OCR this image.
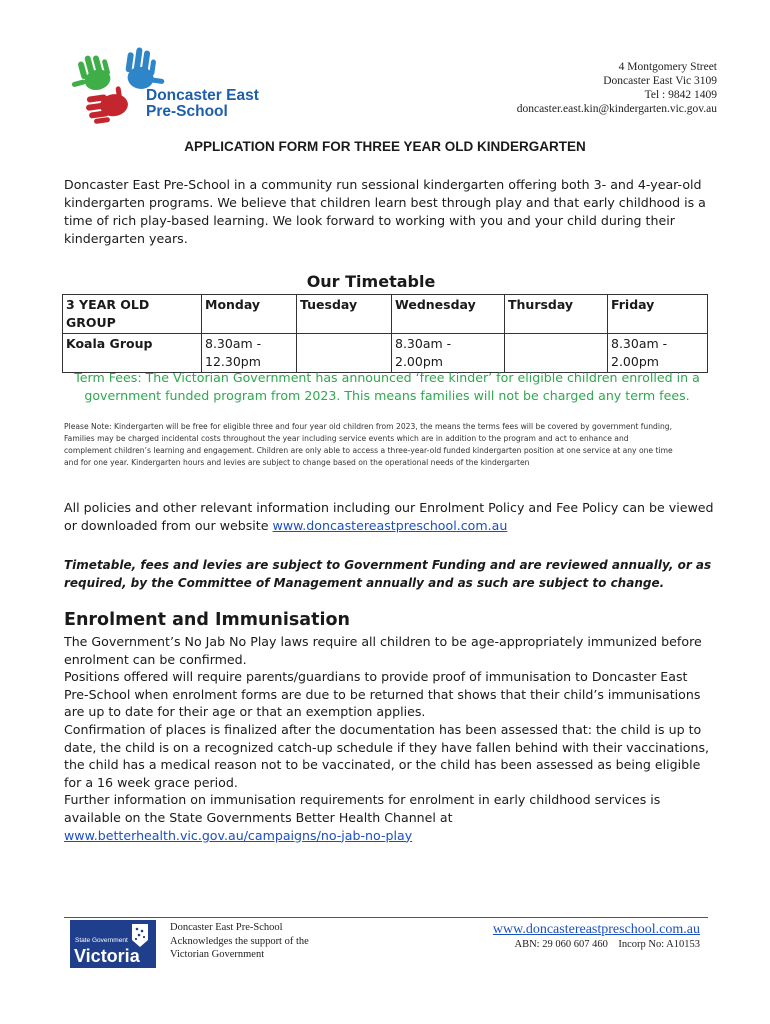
Doncaster East
Pre-School
4 Montgomery Street
Doncaster East Vic 3109
Tel : 9842 1409
doncaster.east.kin@kindergarten.vic.gov.au
APPLICATION FORM FOR THREE YEAR OLD KINDERGARTEN
Doncaster East Pre-School in a community run sessional kindergarten offering both 3- and 4-year-old kindergarten programs. We believe that children learn best through play and that early childhood is a time of rich play-based learning. We look forward to working with you and your child during their kindergarten years.
Our Timetable
3 YEAR OLD GROUP	Monday	Tuesday	Wednesday	Thursday	Friday
Koala Group	8.30am - 12.30pm		8.30am - 2.00pm		8.30am - 2.00pm
Term Fees: The Victorian Government has announced ‘free kinder’ for eligible children enrolled in a government funded program from 2023. This means families will not be charged any term fees.
Please Note: Kindergarten will be free for eligible three and four year old children from 2023, the means the terms fees will be covered by government funding, Families may be charged incidental costs throughout the year including service events which are in addition to the program and act to enhance and complement children’s learning and engagement. Children are only able to access a three-year-old funded kindergarten position at one service at any one time and for one year. Kindergarten hours and levies are subject to change based on the operational needs of the kindergarten
All policies and other relevant information including our Enrolment Policy and Fee Policy can be viewed or downloaded from our website www.doncastereastpreschool.com.au
Timetable, fees and levies are subject to Government Funding and are reviewed annually, or as required, by the Committee of Management annually and as such are subject to change.
Enrolment and Immunisation

The Government’s No Jab No Play laws require all children to be age-appropriately immunized before enrolment can be confirmed.

Positions offered will require parents/guardians to provide proof of immunisation to Doncaster East Pre-School when enrolment forms are due to be returned that shows that their child’s immunisations are up to date for their age or that an exemption applies.

Confirmation of places is finalized after the documentation has been assessed that: the child is up to date, the child is on a recognized catch-up schedule if they have fallen behind with their vaccinations, the child has a medical reason not to be vaccinated, or the child has been assessed as being eligible for a 16 week grace period.

Further information on immunisation requirements for enrolment in early childhood services is available on the State Governments Better Health Channel at

www.betterhealth.vic.gov.au/campaigns/no-jab-no-play

State Government
Victoria
Doncaster East Pre-School
Acknowledges the support of the
Victorian Government
www.doncastereastpreschool.com.au
ABN: 29 060 607 460 Incorp No: A10153
